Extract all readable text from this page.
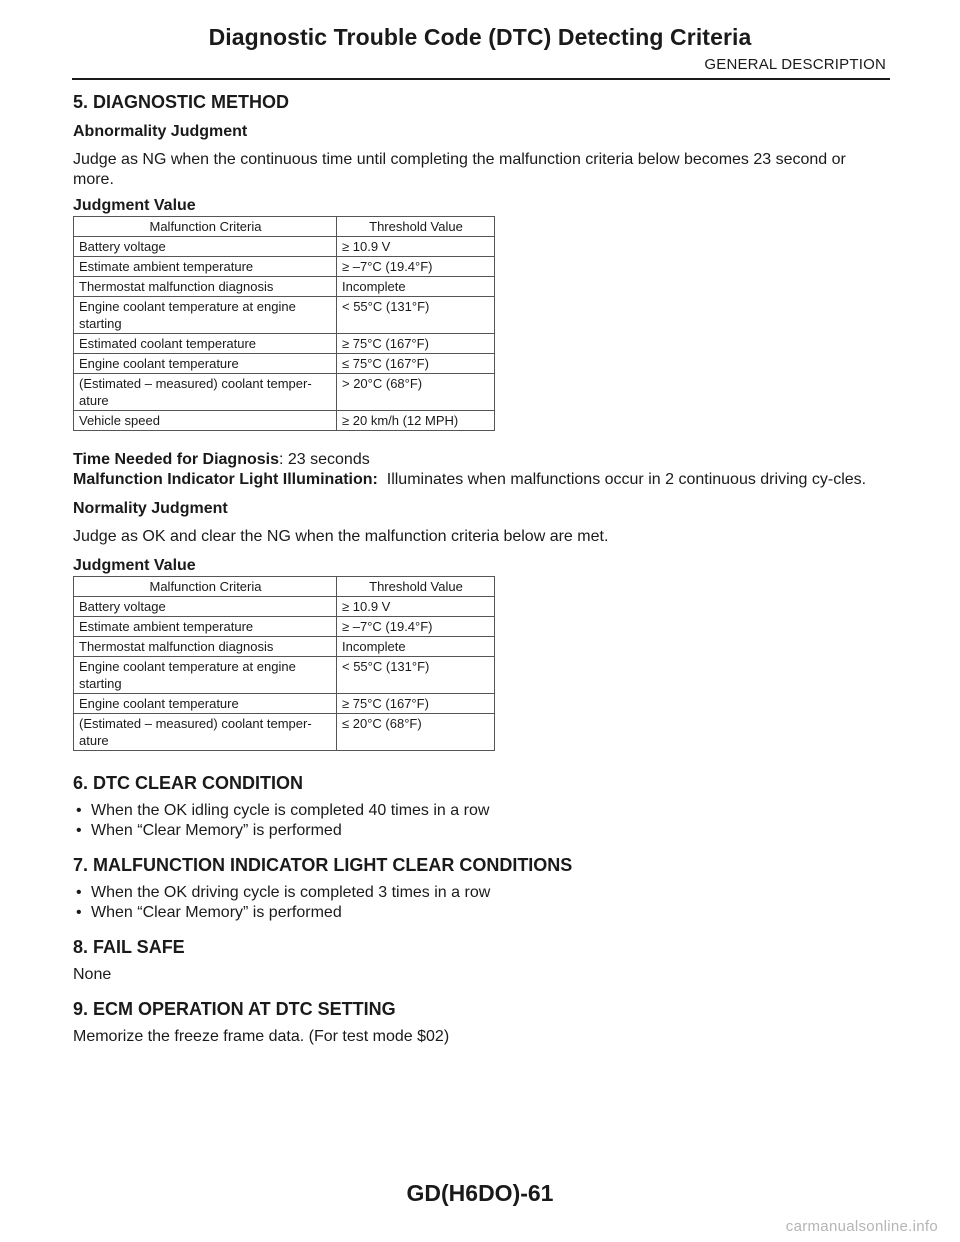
Diagnostic Trouble Code (DTC) Detecting Criteria
GENERAL DESCRIPTION
5. DIAGNOSTIC METHOD
Abnormality Judgment

Judge as NG when the continuous time until completing the malfunction criteria below becomes 23 second or more.

Judgment Value
Malfunction Criteria	Threshold Value
Battery voltage	≥ 10.9 V
Estimate ambient temperature	≥ –7°C (19.4°F)
Thermostat malfunction diagnosis	Incomplete
Engine coolant temperature at engine starting	< 55°C (131°F)
Estimated coolant temperature	≥ 75°C (167°F)
Engine coolant temperature	≤ 75°C (167°F)
(Estimated – measured) coolant temper-ature	> 20°C (68°F)
Vehicle speed	≥ 20 km/h (12 MPH)

Time Needed for Diagnosis: 23 seconds

Malfunction Indicator Light Illumination: Illuminates when malfunctions occur in 2 continuous driving cy-cles.

Normality Judgment

Judge as OK and clear the NG when the malfunction criteria below are met.

Judgment Value
Malfunction Criteria	Threshold Value
Battery voltage	≥ 10.9 V
Estimate ambient temperature	≥ –7°C (19.4°F)
Thermostat malfunction diagnosis	Incomplete
Engine coolant temperature at engine starting	< 55°C (131°F)
Engine coolant temperature	≥ 75°C (167°F)
(Estimated – measured) coolant temper-ature	≤ 20°C (68°F)
6. DTC CLEAR CONDITION
• When the OK idling cycle is completed 40 times in a row
• When “Clear Memory” is performed
7. MALFUNCTION INDICATOR LIGHT CLEAR CONDITIONS
• When the OK driving cycle is completed 3 times in a row
• When “Clear Memory” is performed
8. FAIL SAFE

None

9. ECM OPERATION AT DTC SETTING

Memorize the freeze frame data. (For test mode $02)

GD(H6DO)-61
carmanualsonline.info
